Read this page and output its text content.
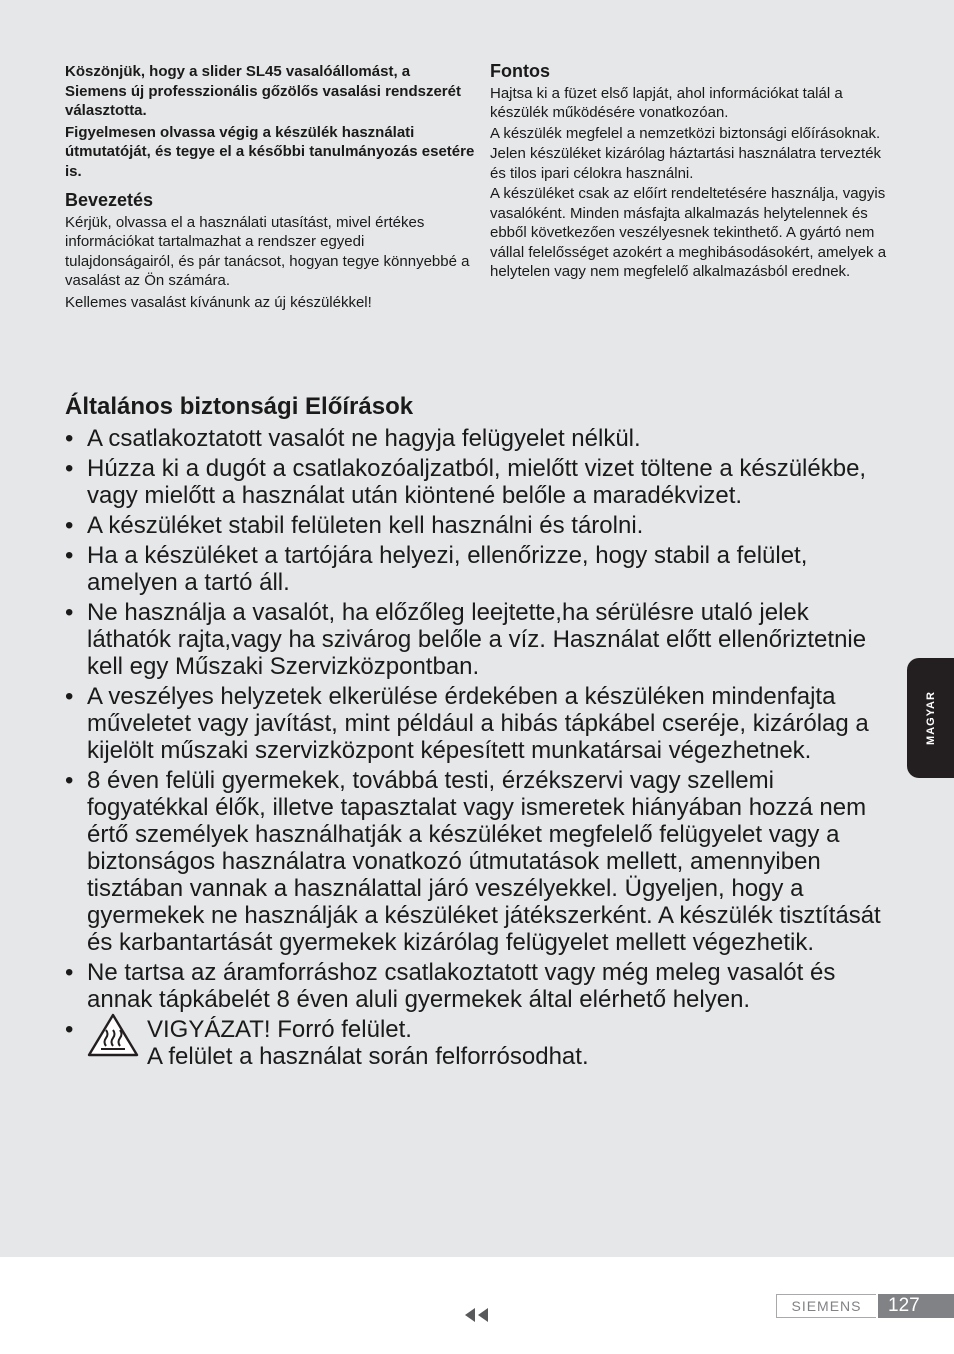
Köszönjük, hogy a slider SL45 vasalóállomást, a Siemens új professzionális gőzölős vasalási rendszerét választotta.

Figyelmesen olvassa végig a készülék használati útmutatóját, és tegye el a későbbi tanulmányozás esetére is.

Bevezetés

Kérjük, olvassa el a használati utasítást, mivel értékes információkat tartalmazhat a rendszer egyedi tulajdonságairól, és pár tanácsot, hogyan tegye könnyebbé a vasalást az Ön számára.

Kellemes vasalást kívánunk az új készülékkel!

Fontos

Hajtsa ki a füzet első lapját, ahol információkat talál a készülék működésére vonatkozóan.

A készülék megfelel a nemzetközi biztonsági előírásoknak.

Jelen készüléket kizárólag háztartási használatra tervezték és tilos ipari célokra használni.

A készüléket csak az előírt rendeltetésére használja, vagyis vasalóként. Minden másfajta alkalmazás helytelennek és ebből következően veszélyesnek tekinthető. A gyártó nem vállal felelősséget azokért a meghibásodásokért, amelyek a helytelen vagy nem megfelelő alkalmazásból erednek.

Általános biztonsági Előírások
• A csatlakoztatott vasalót ne hagyja felügyelet nélkül.
• Húzza ki a dugót a csatlakozóaljzatból, mielőtt vizet töltene a készülékbe, vagy mielőtt a használat után kiöntené belőle a maradékvizet.
• A készüléket stabil felületen kell használni és tárolni.
• Ha a készüléket a tartójára helyezi, ellenőrizze, hogy stabil a felület, amelyen a tartó áll.
• Ne használja a vasalót, ha előzőleg leejtette,ha sérülésre utaló jelek láthatók rajta,vagy ha szivárog belőle a víz. Használat előtt ellenőriztetnie kell egy Műszaki Szervizközpontban.
• A veszélyes helyzetek elkerülése érdekében a készüléken mindenfajta műveletet vagy javítást, mint például a hibás tápkábel cseréje, kizárólag a kijelölt műszaki szervizközpont képesített munkatársai végezhetnek.
• 8 éven felüli gyermekek, továbbá testi, érzékszervi vagy szellemi fogyatékkal élők, illetve tapasztalat vagy ismeretek hiányában hozzá nem értő személyek használhatják a készüléket megfelelő felügyelet vagy a biztonságos használatra vonatkozó útmutatások mellett, amennyiben tisztában vannak a használattal járó veszélyekkel. Ügyeljen, hogy a gyermekek ne használják a készüléket játékszerként. A készülék tisztítását és karbantartását gyermekek kizárólag felügyelet mellett végezhetik.
• Ne tartsa az áramforráshoz csatlakoztatott vagy még meleg vasalót és annak tápkábelét 8 éven aluli gyermekek által elérhető helyen.
•	VIGYÁZAT! Forró felület.
A felület a használat során felforrósodhat.
MAGYAR
SIEMENS	127
